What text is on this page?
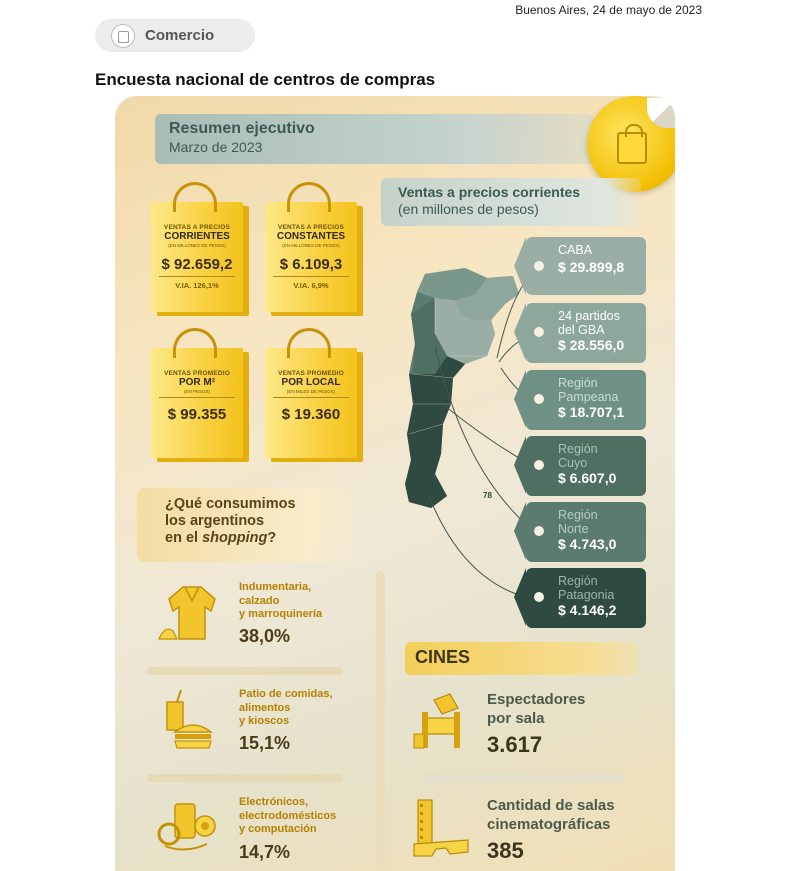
Buenos Aires, 24 de mayo de 2023
Comercio
Encuesta nacional de centros de compras
Resumen ejecutivo
Marzo de 2023
VENTAS A PRECIOS
CORRIENTES
(EN MILLONES DE PESOS)
$ 92.659,2
V.IA. 126,1%
VENTAS A PRECIOS
CONSTANTES
(EN MILLONES DE PESOS)
$ 6.109,3
V.IA. 6,9%
VENTAS PROMEDIO
POR M²
(EN PESOS)
$ 99.355
VENTAS PROMEDIO
POR LOCAL
(EN MILES DE PESOS)
$ 19.360
¿Qué consumimos
los argentinos
en el shopping?
Indumentaria,
calzado
y marroquinería
38,0%
Patio de comidas,
alimentos
y kioscos
15,1%
Electrónicos,
electrodomésticos
y computación
14,7%
Ventas a precios corrientes
(en millones de pesos)
78
CABA
$ 29.899,8
24 partidos
del GBA
$ 28.556,0
Región
Pampeana
$ 18.707,1
Región
Cuyo
$ 6.607,0
Región
Norte
$ 4.743,0
Región
Patagonia
$ 4.146,2
CINES
Espectadores
por sala
3.617
Cantidad de salas
cinematográficas
385
